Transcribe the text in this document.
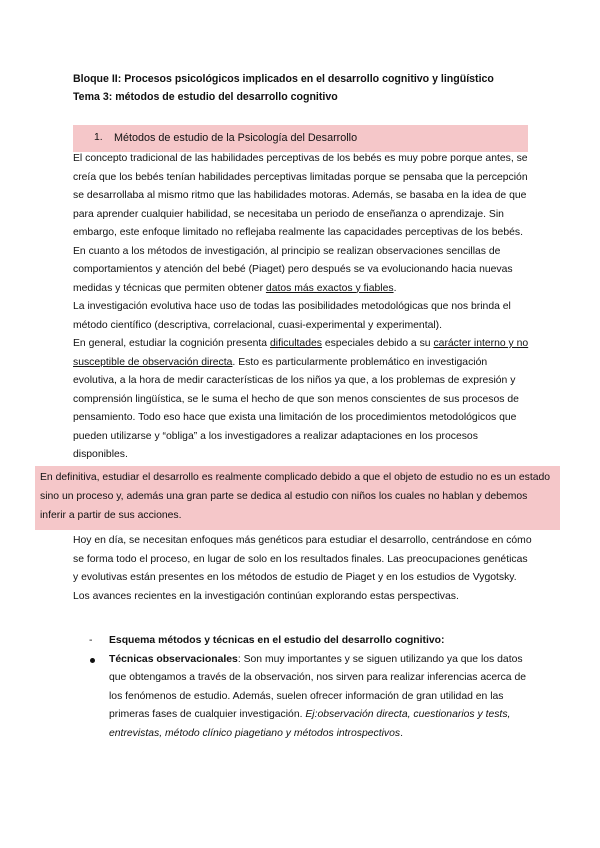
Bloque II: Procesos psicológicos implicados en el desarrollo cognitivo y lingüístico
Tema 3: métodos de estudio del desarrollo cognitivo
1.	Métodos de estudio de la Psicología del Desarrollo

El concepto tradicional de las habilidades perceptivas de los bebés es muy pobre porque antes, se creía que los bebés tenían habilidades perceptivas limitadas porque se pensaba que la percepción se desarrollaba al mismo ritmo que las habilidades motoras. Además, se basaba en la idea de que para aprender cualquier habilidad, se necesitaba un periodo de enseñanza o aprendizaje. Sin embargo, este enfoque limitado no reflejaba realmente las capacidades perceptivas de los bebés.

En cuanto a los métodos de investigación, al principio se realizan observaciones sencillas de comportamientos y atención del bebé (Piaget) pero después se va evolucionando hacia nuevas medidas y técnicas que permiten obtener datos más exactos y fiables.

La investigación evolutiva hace uso de todas las posibilidades metodológicas que nos brinda el método científico (descriptiva, correlacional, cuasi-experimental y experimental).

En general, estudiar la cognición presenta dificultades especiales debido a su carácter interno y no susceptible de observación directa. Esto es particularmente problemático en investigación evolutiva, a la hora de medir características de los niños ya que, a los problemas de expresión y comprensión lingüística, se le suma el hecho de que son menos conscientes de sus procesos de pensamiento. Todo eso hace que exista una limitación de los procedimientos metodológicos que pueden utilizarse y “obliga” a los investigadores a realizar adaptaciones en los procesos disponibles.

En definitiva, estudiar el desarrollo es realmente complicado debido a que el objeto de estudio no es un estado sino un proceso y, además una gran parte se dedica al estudio con niños los cuales no hablan y debemos inferir a partir de sus acciones.

Hoy en día, se necesitan enfoques más genéticos para estudiar el desarrollo, centrándose en cómo se forma todo el proceso, en lugar de solo en los resultados finales. Las preocupaciones genéticas y evolutivas están presentes en los métodos de estudio de Piaget y en los estudios de Vygotsky. Los avances recientes en la investigación continúan explorando estas perspectivas.

-	Esquema métodos y técnicas en el estudio del desarrollo cognitivo:
Técnicas observacionales: Son muy importantes y se siguen utilizando ya que los datos que obtengamos a través de la observación, nos sirven para realizar inferencias acerca de los fenómenos de estudio. Además, suelen ofrecer información de gran utilidad en las primeras fases de cualquier investigación. Ej:observación directa, cuestionarios y tests, entrevistas, método clínico piagetiano y métodos introspectivos.
